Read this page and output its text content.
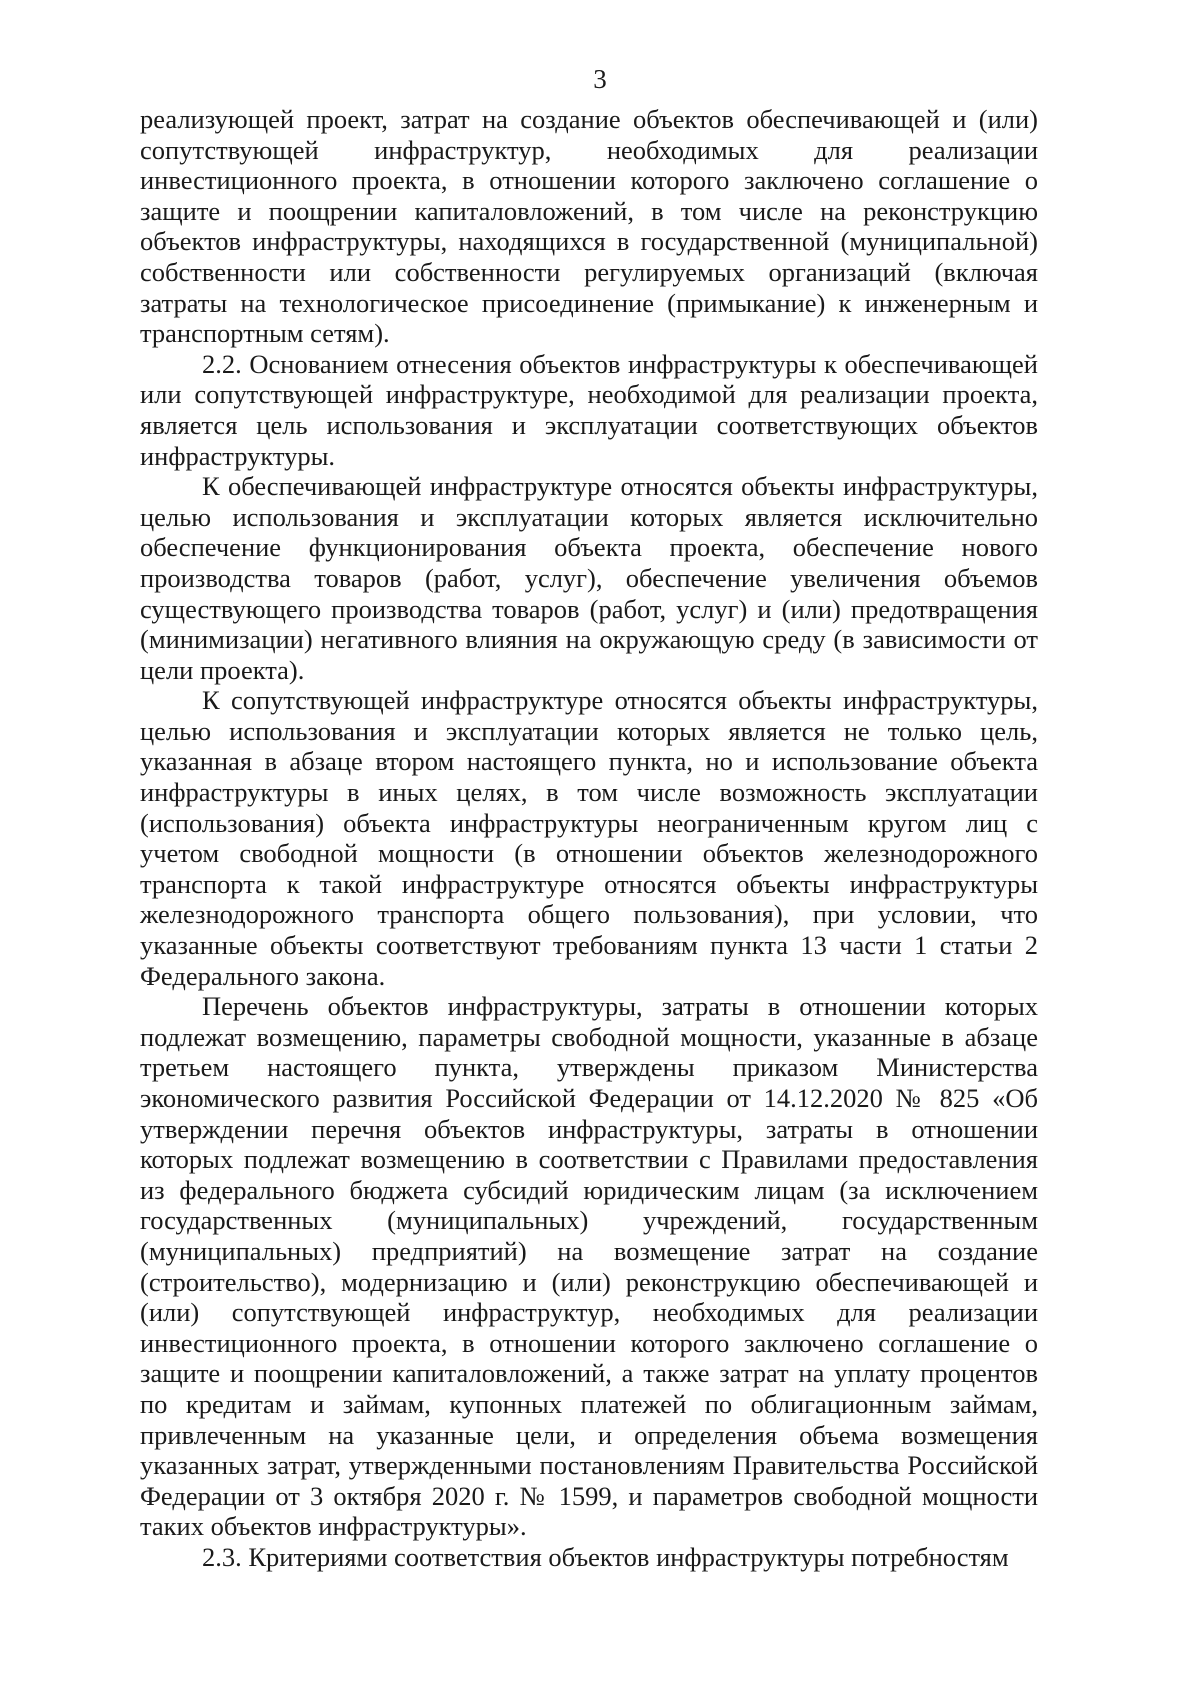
3

реализующей проект, затрат на создание объектов обеспечивающей и (или) сопутствующей инфраструктур, необходимых для реализации инвестиционного проекта, в отношении которого заключено соглашение о защите и поощрении капиталовложений, в том числе на реконструкцию объектов инфраструктуры, находящихся в государственной (муниципальной) собственности или собственности регулируемых организаций (включая затраты на технологическое присоединение (примыкание) к инженерным и транспортным сетям).

2.2. Основанием отнесения объектов инфраструктуры к обеспечивающей или сопутствующей инфраструктуре, необходимой для реализации проекта, является цель использования и эксплуатации соответствующих объектов инфраструктуры.

К обеспечивающей инфраструктуре относятся объекты инфраструктуры, целью использования и эксплуатации которых является исключительно обеспечение функционирования объекта проекта, обеспечение нового производства товаров (работ, услуг), обеспечение увеличения объемов существующего производства товаров (работ, услуг) и (или) предотвращения (минимизации) негативного влияния на окружающую среду (в зависимости от цели проекта).

К сопутствующей инфраструктуре относятся объекты инфраструктуры, целью использования и эксплуатации которых является не только цель, указанная в абзаце втором настоящего пункта, но и использование объекта инфраструктуры в иных целях, в том числе возможность эксплуатации (использования) объекта инфраструктуры неограниченным кругом лиц с учетом свободной мощности (в отношении объектов железнодорожного транспорта к такой инфраструктуре относятся объекты инфраструктуры железнодорожного транспорта общего пользования), при условии, что указанные объекты соответствуют требованиям пункта 13 части 1 статьи 2 Федерального закона.

Перечень объектов инфраструктуры, затраты в отношении которых подлежат возмещению, параметры свободной мощности, указанные в абзаце третьем настоящего пункта, утверждены приказом Министерства экономического развития Российской Федерации от 14.12.2020 № 825 «Об утверждении перечня объектов инфраструктуры, затраты в отношении которых подлежат возмещению в соответствии с Правилами предоставления из федерального бюджета субсидий юридическим лицам (за исключением государственных (муниципальных) учреждений, государственным (муниципальных) предприятий) на возмещение затрат на создание (строительство), модернизацию и (или) реконструкцию обеспечивающей и (или) сопутствующей инфраструктур, необходимых для реализации инвестиционного проекта, в отношении которого заключено соглашение о защите и поощрении капиталовложений, а также затрат на уплату процентов по кредитам и займам, купонных платежей по облигационным займам, привлеченным на указанные цели, и определения объема возмещения указанных затрат, утвержденными постановлениям Правительства Российской Федерации от 3 октября 2020 г. № 1599, и параметров свободной мощности таких объектов инфраструктуры».

2.3. Критериями соответствия объектов инфраструктуры потребностям
